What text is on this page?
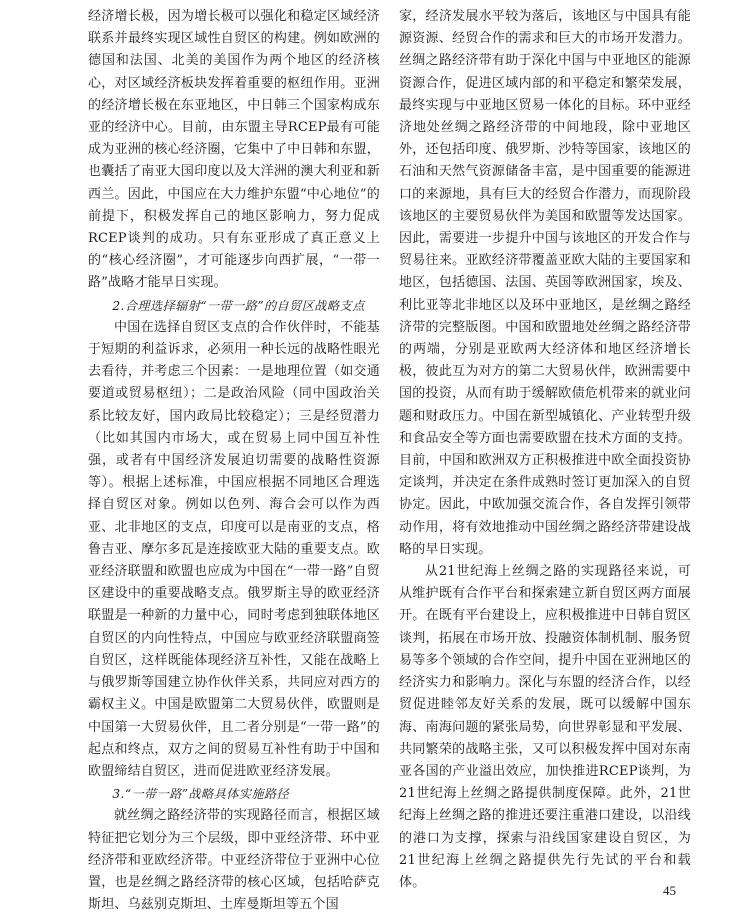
经济增长极，因为增长极可以强化和稳定区域经济联系并最终实现区域性自贸区的构建。例如欧洲的德国和法国、北美的美国作为两个地区的经济核心，对区域经济板块发挥着重要的枢纽作用。亚洲的经济增长极在东亚地区，中日韩三个国家构成东亚的经济中心。目前，由东盟主导RCEP最有可能成为亚洲的核心经济圈，它集中了中日韩和东盟，也囊括了南亚大国印度以及大洋洲的澳大利亚和新西兰。因此，中国应在大力维护东盟“中心地位”的前提下，积极发挥自己的地区影响力，努力促成RCEP谈判的成功。只有东亚形成了真正意义上的“核心经济圈”，才可能逐步向西扩展，“一带一路”战略才能早日实现。

2.合理选择辐射“一带一路”的自贸区战略支点

中国在选择自贸区支点的合作伙伴时，不能基于短期的利益诉求，必须用一种长远的战略性眼光去看待，并考虑三个因素：一是地理位置（如交通要道或贸易枢纽）；二是政治风险（同中国政治关系比较友好，国内政局比较稳定）；三是经贸潜力（比如其国内市场大，或在贸易上同中国互补性强，或者有中国经济发展迫切需要的战略性资源等）。根据上述标准，中国应根据不同地区合理选择自贸区对象。例如以色列、海合会可以作为西亚、北非地区的支点，印度可以是南亚的支点，格鲁吉亚、摩尔多瓦是连接欧亚大陆的重要支点。欧亚经济联盟和欧盟也应成为中国在“一带一路”自贸区建设中的重要战略支点。俄罗斯主导的欧亚经济联盟是一种新的力量中心，同时考虑到独联体地区自贸区的内向性特点，中国应与欧亚经济联盟商签自贸区，这样既能体现经济互补性，又能在战略上与俄罗斯等国建立协作伙伴关系，共同应对西方的霸权主义。中国是欧盟第二大贸易伙伴，欧盟则是中国第一大贸易伙伴，且二者分别是“一带一路”的起点和终点，双方之间的贸易互补性有助于中国和欧盟缔结自贸区，进而促进欧亚经济发展。

3.“一带一路”战略具体实施路径

就丝绸之路经济带的实现路径而言，根据区域特征把它划分为三个层级，即中亚经济带、环中亚经济带和亚欧经济带。中亚经济带位于亚洲中心位置，也是丝绸之路经济带的核心区域，包括哈萨克斯坦、乌兹别克斯坦、土库曼斯坦等五个国

家，经济发展水平较为落后，该地区与中国具有能源资源、经贸合作的需求和巨大的市场开发潜力。丝绸之路经济带有助于深化中国与中亚地区的能源资源合作，促进区域内部的和平稳定和繁荣发展，最终实现与中亚地区贸易一体化的目标。环中亚经济地处丝绸之路经济带的中间地段，除中亚地区外，还包括印度、俄罗斯、沙特等国家，该地区的石油和天然气资源储备丰富，是中国重要的能源进口的来源地，具有巨大的经贸合作潜力，而现阶段该地区的主要贸易伙伴为美国和欧盟等发达国家。因此，需要进一步提升中国与该地区的开发合作与贸易往来。亚欧经济带覆盖亚欧大陆的主要国家和地区，包括德国、法国、英国等欧洲国家，埃及、利比亚等北非地区以及环中亚地区，是丝绸之路经济带的完整版图。中国和欧盟地处丝绸之路经济带的两端，分别是亚欧两大经济体和地区经济增长极，彼此互为对方的第二大贸易伙伴，欧洲需要中国的投资，从而有助于缓解欧债危机带来的就业问题和财政压力。中国在新型城镇化、产业转型升级和食品安全等方面也需要欧盟在技术方面的支持。目前，中国和欧洲双方正积极推进中欧全面投资协定谈判，并决定在条件成熟时签订更加深入的自贸协定。因此，中欧加强交流合作，各自发挥引领带动作用，将有效地推动中国丝绸之路经济带建设战略的早日实现。

从21世纪海上丝绸之路的实现路径来说，可从维护既有合作平台和探索建立新自贸区两方面展开。在既有平台建设上，应积极推进中日韩自贸区谈判，拓展在市场开放、投融资体制机制、服务贸易等多个领域的合作空间，提升中国在亚洲地区的经济实力和影响力。深化与东盟的经济合作，以经贸促进睦邻友好关系的发展，既可以缓解中国东海、南海问题的紧张局势，向世界彰显和平发展、共同繁荣的战略主张，又可以积极发挥中国对东南亚各国的产业溢出效应，加快推进RCEP谈判，为21世纪海上丝绸之路提供制度保障。此外，21世纪海上丝绸之路的推进还要注重港口建设，以沿线的港口为支撑，探索与沿线国家建设自贸区，为21世纪海上丝绸之路提供先行先试的平台和载体。

45
